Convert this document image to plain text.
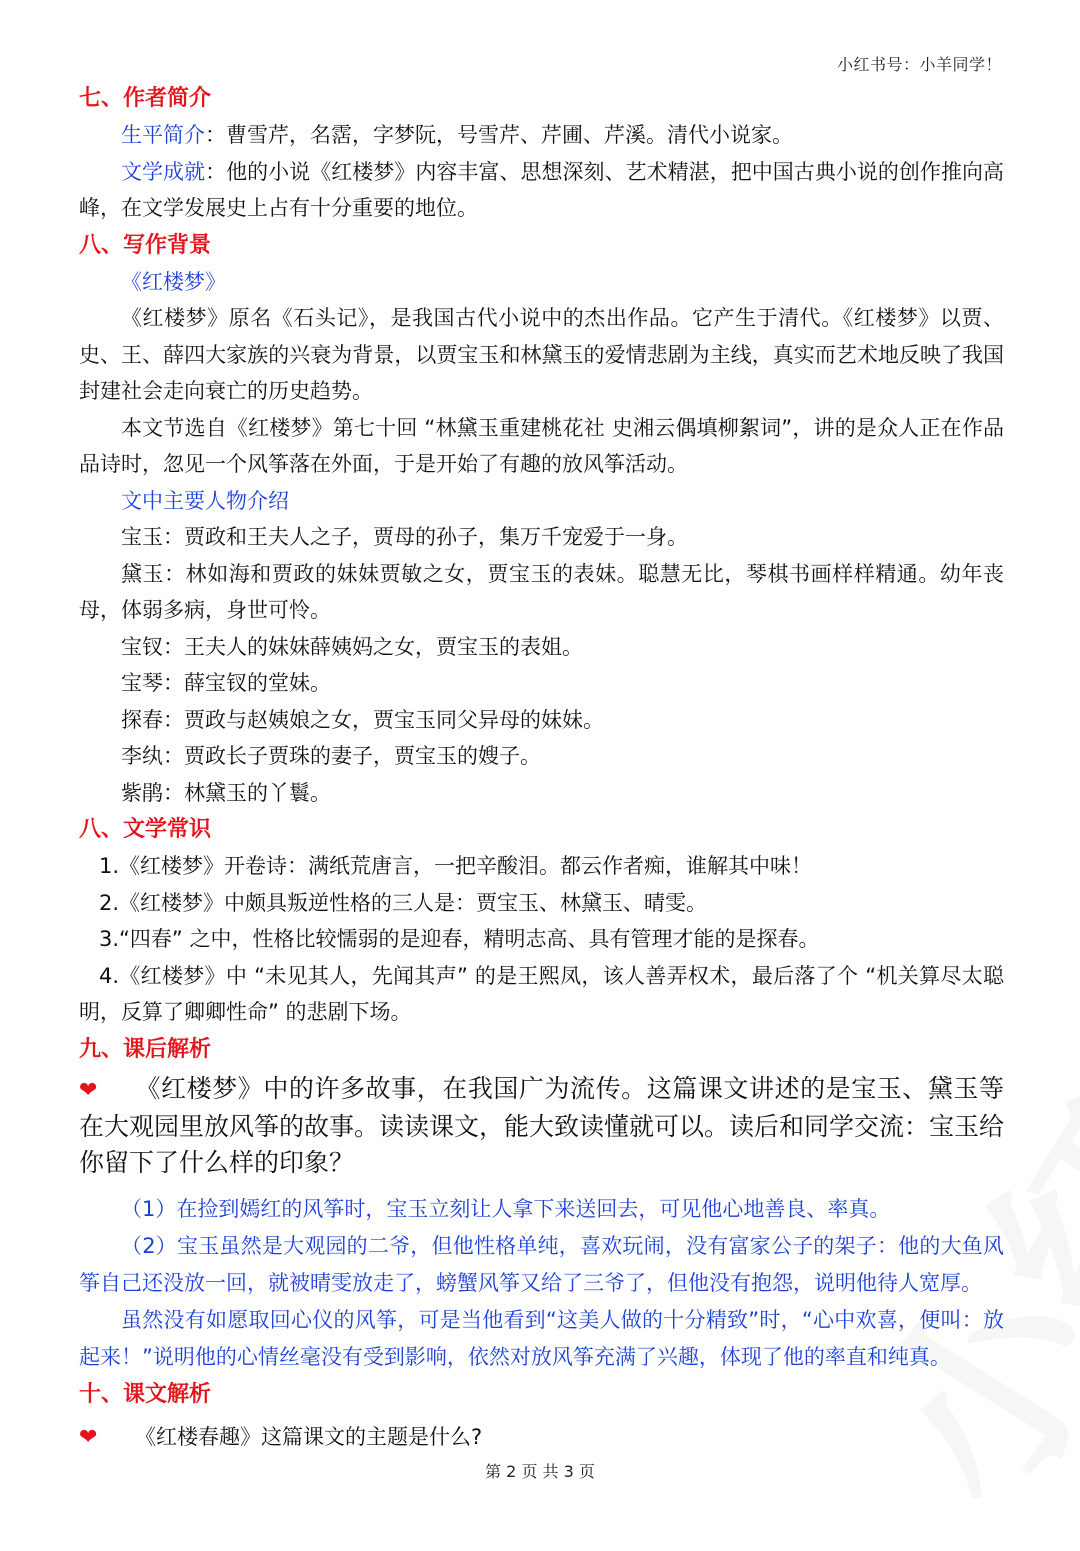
小红书号：小羊同学！
七、作者简介
生平简介：曹雪芹，名霑，字梦阮，号雪芹、芹圃、芹溪。清代小说家。
文学成就：他的小说《红楼梦》内容丰富、思想深刻、艺术精湛，把中国古典小说的创作推向高峰，在文学发展史上占有十分重要的地位。
八、写作背景
《红楼梦》
《红楼梦》原名《石头记》，是我国古代小说中的杰出作品。它产生于清代。《红楼梦》以贾、史、王、薛四大家族的兴衰为背景，以贾宝玉和林黛玉的爱情悲剧为主线，真实而艺术地反映了我国封建社会走向衰亡的历史趋势。
本文节选自《红楼梦》第七十回 “林黛玉重建桃花社 史湘云偶填柳絮词”，讲的是众人正在作品品诗时，忽见一个风筝落在外面，于是开始了有趣的放风筝活动。
文中主要人物介绍
宝玉：贾政和王夫人之子，贾母的孙子，集万千宠爱于一身。
黛玉：林如海和贾政的妹妹贾敏之女，贾宝玉的表妹。聪慧无比，琴棋书画样样精通。幼年丧母，体弱多病，身世可怜。
宝钗：王夫人的妹妹薛姨妈之女，贾宝玉的表姐。
宝琴：薛宝钗的堂妹。
探春：贾政与赵姨娘之女，贾宝玉同父异母的妹妹。
李纨：贾政长子贾珠的妻子，贾宝玉的嫂子。
紫鹃：林黛玉的丫鬟。
八、文学常识
1.《红楼梦》开卷诗：满纸荒唐言，一把辛酸泪。都云作者痴，谁解其中味！
2.《红楼梦》中颇具叛逆性格的三人是：贾宝玉、林黛玉、晴雯。
3.“四春” 之中，性格比较懦弱的是迎春，精明志高、具有管理才能的是探春。
4.《红楼梦》中 “未见其人，先闻其声” 的是王熙凤，该人善弄权术，最后落了个 “机关算尽太聪明，反算了卿卿性命” 的悲剧下场。
九、课后解析
❤ 《红楼梦》中的许多故事，在我国广为流传。这篇课文讲述的是宝玉、黛玉等在大观园里放风筝的故事。读读课文，能大致读懂就可以。读后和同学交流：宝玉给你留下了什么样的印象？
（1）在捡到嫣红的风筝时，宝玉立刻让人拿下来送回去，可见他心地善良、率真。
（2）宝玉虽然是大观园的二爷，但他性格单纯，喜欢玩闹，没有富家公子的架子：他的大鱼风筝自己还没放一回，就被晴雯放走了，螃蟹风筝又给了三爷了，但他没有抱怨，说明他待人宽厚。
虽然没有如愿取回心仪的风筝，可是当他看到“这美人做的十分精致”时，“心中欢喜，便叫：放起来！”说明他的心情丝毫没有受到影响，依然对放风筝充满了兴趣，体现了他的率直和纯真。
十、课文解析
❤ 《红楼春趣》这篇课文的主题是什么?
第 2 页 共 3 页
